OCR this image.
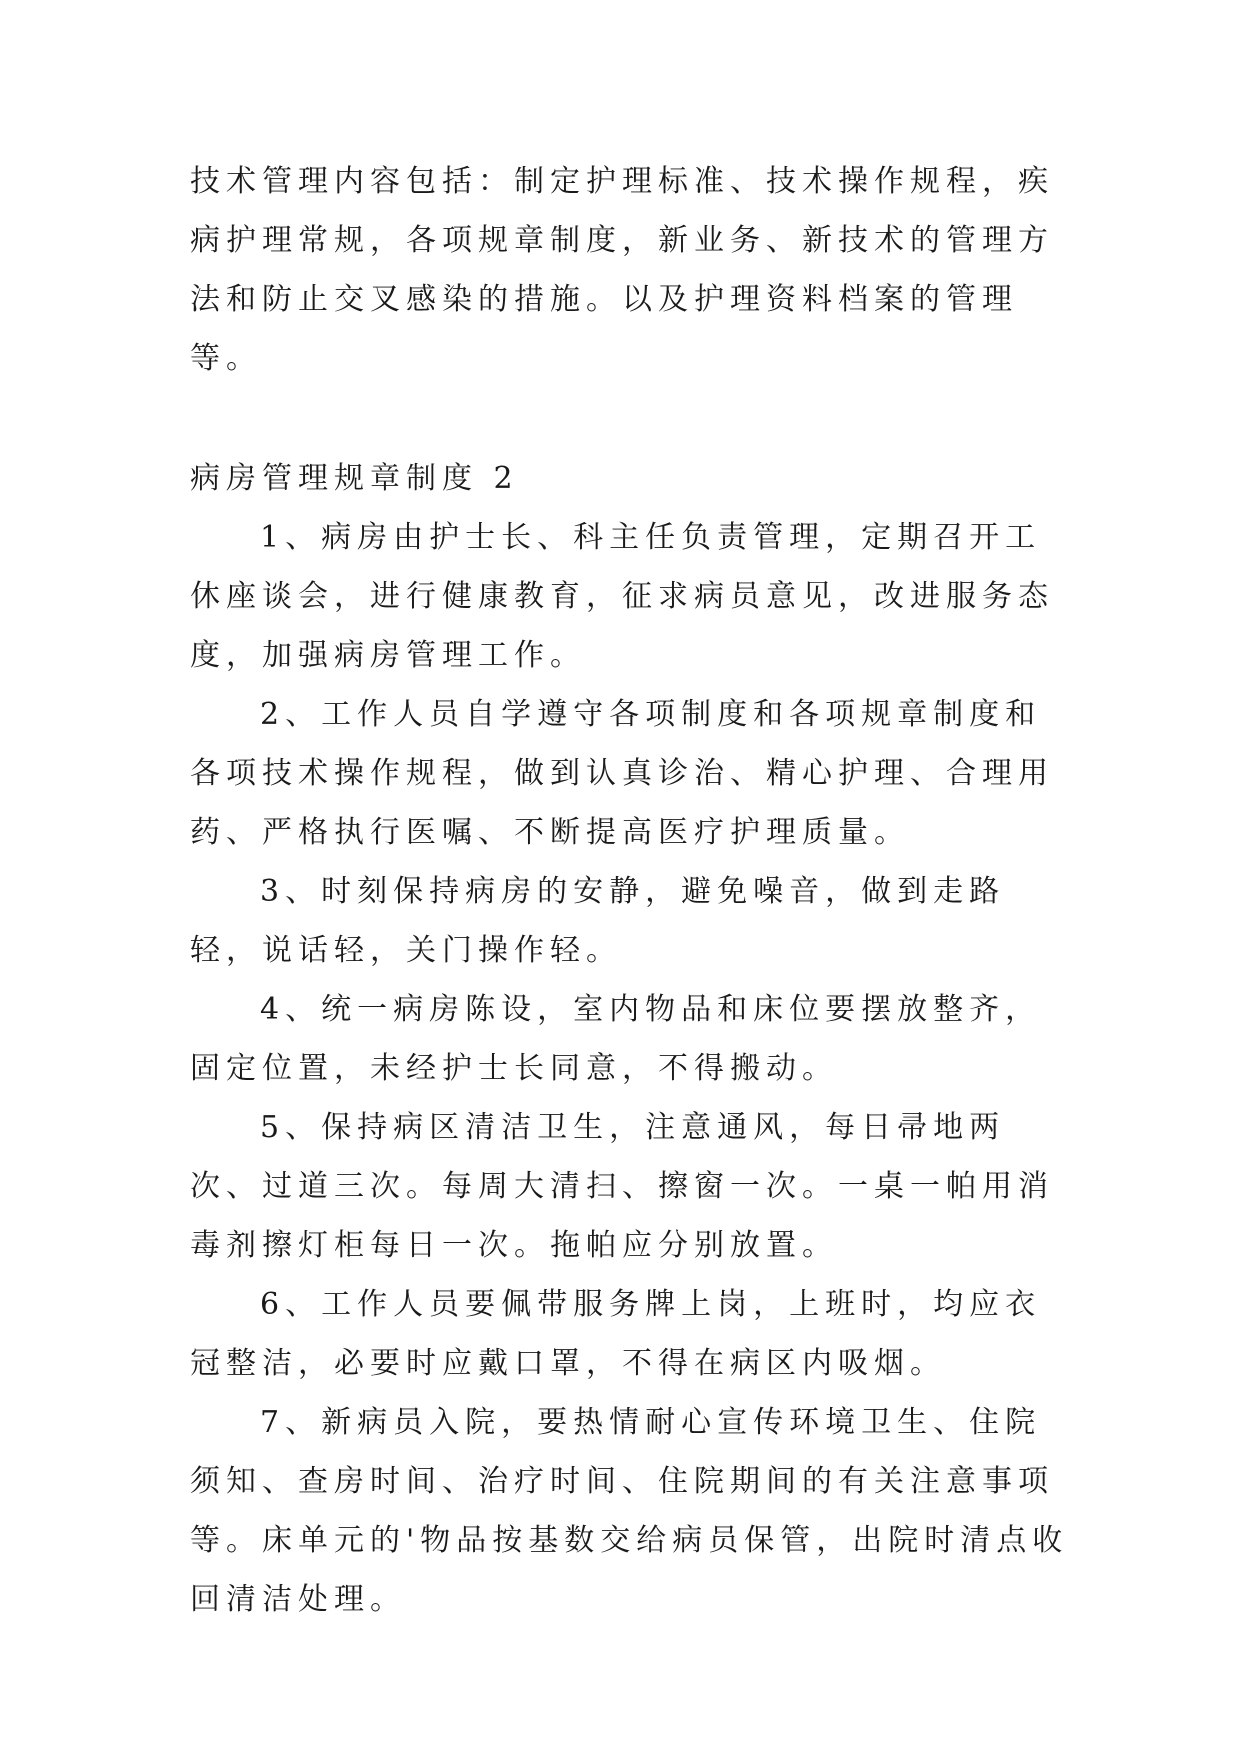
技术管理内容包括：制定护理标准、技术操作规程，疾病护理常规，各项规章制度，新业务、新技术的管理方法和防止交叉感染的措施。以及护理资料档案的管理等。

病房管理规章制度 2

1、病房由护士长、科主任负责管理，定期召开工休座谈会，进行健康教育，征求病员意见，改进服务态度，加强病房管理工作。

2、工作人员自学遵守各项制度和各项规章制度和各项技术操作规程，做到认真诊治、精心护理、合理用药、严格执行医嘱、不断提高医疗护理质量。

3、时刻保持病房的安静，避免噪音，做到走路轻，说话轻，关门操作轻。

4、统一病房陈设，室内物品和床位要摆放整齐，固定位置，未经护士长同意，不得搬动。

5、保持病区清洁卫生，注意通风，每日帚地两次、过道三次。每周大清扫、擦窗一次。一桌一帕用消毒剂擦灯柜每日一次。拖帕应分别放置。

6、工作人员要佩带服务牌上岗，上班时，均应衣冠整洁，必要时应戴口罩，不得在病区内吸烟。

7、新病员入院，要热情耐心宣传环境卫生、住院须知、查房时间、治疗时间、住院期间的有关注意事项等。床单元的'物品按基数交给病员保管，出院时清点收回清洁处理。
